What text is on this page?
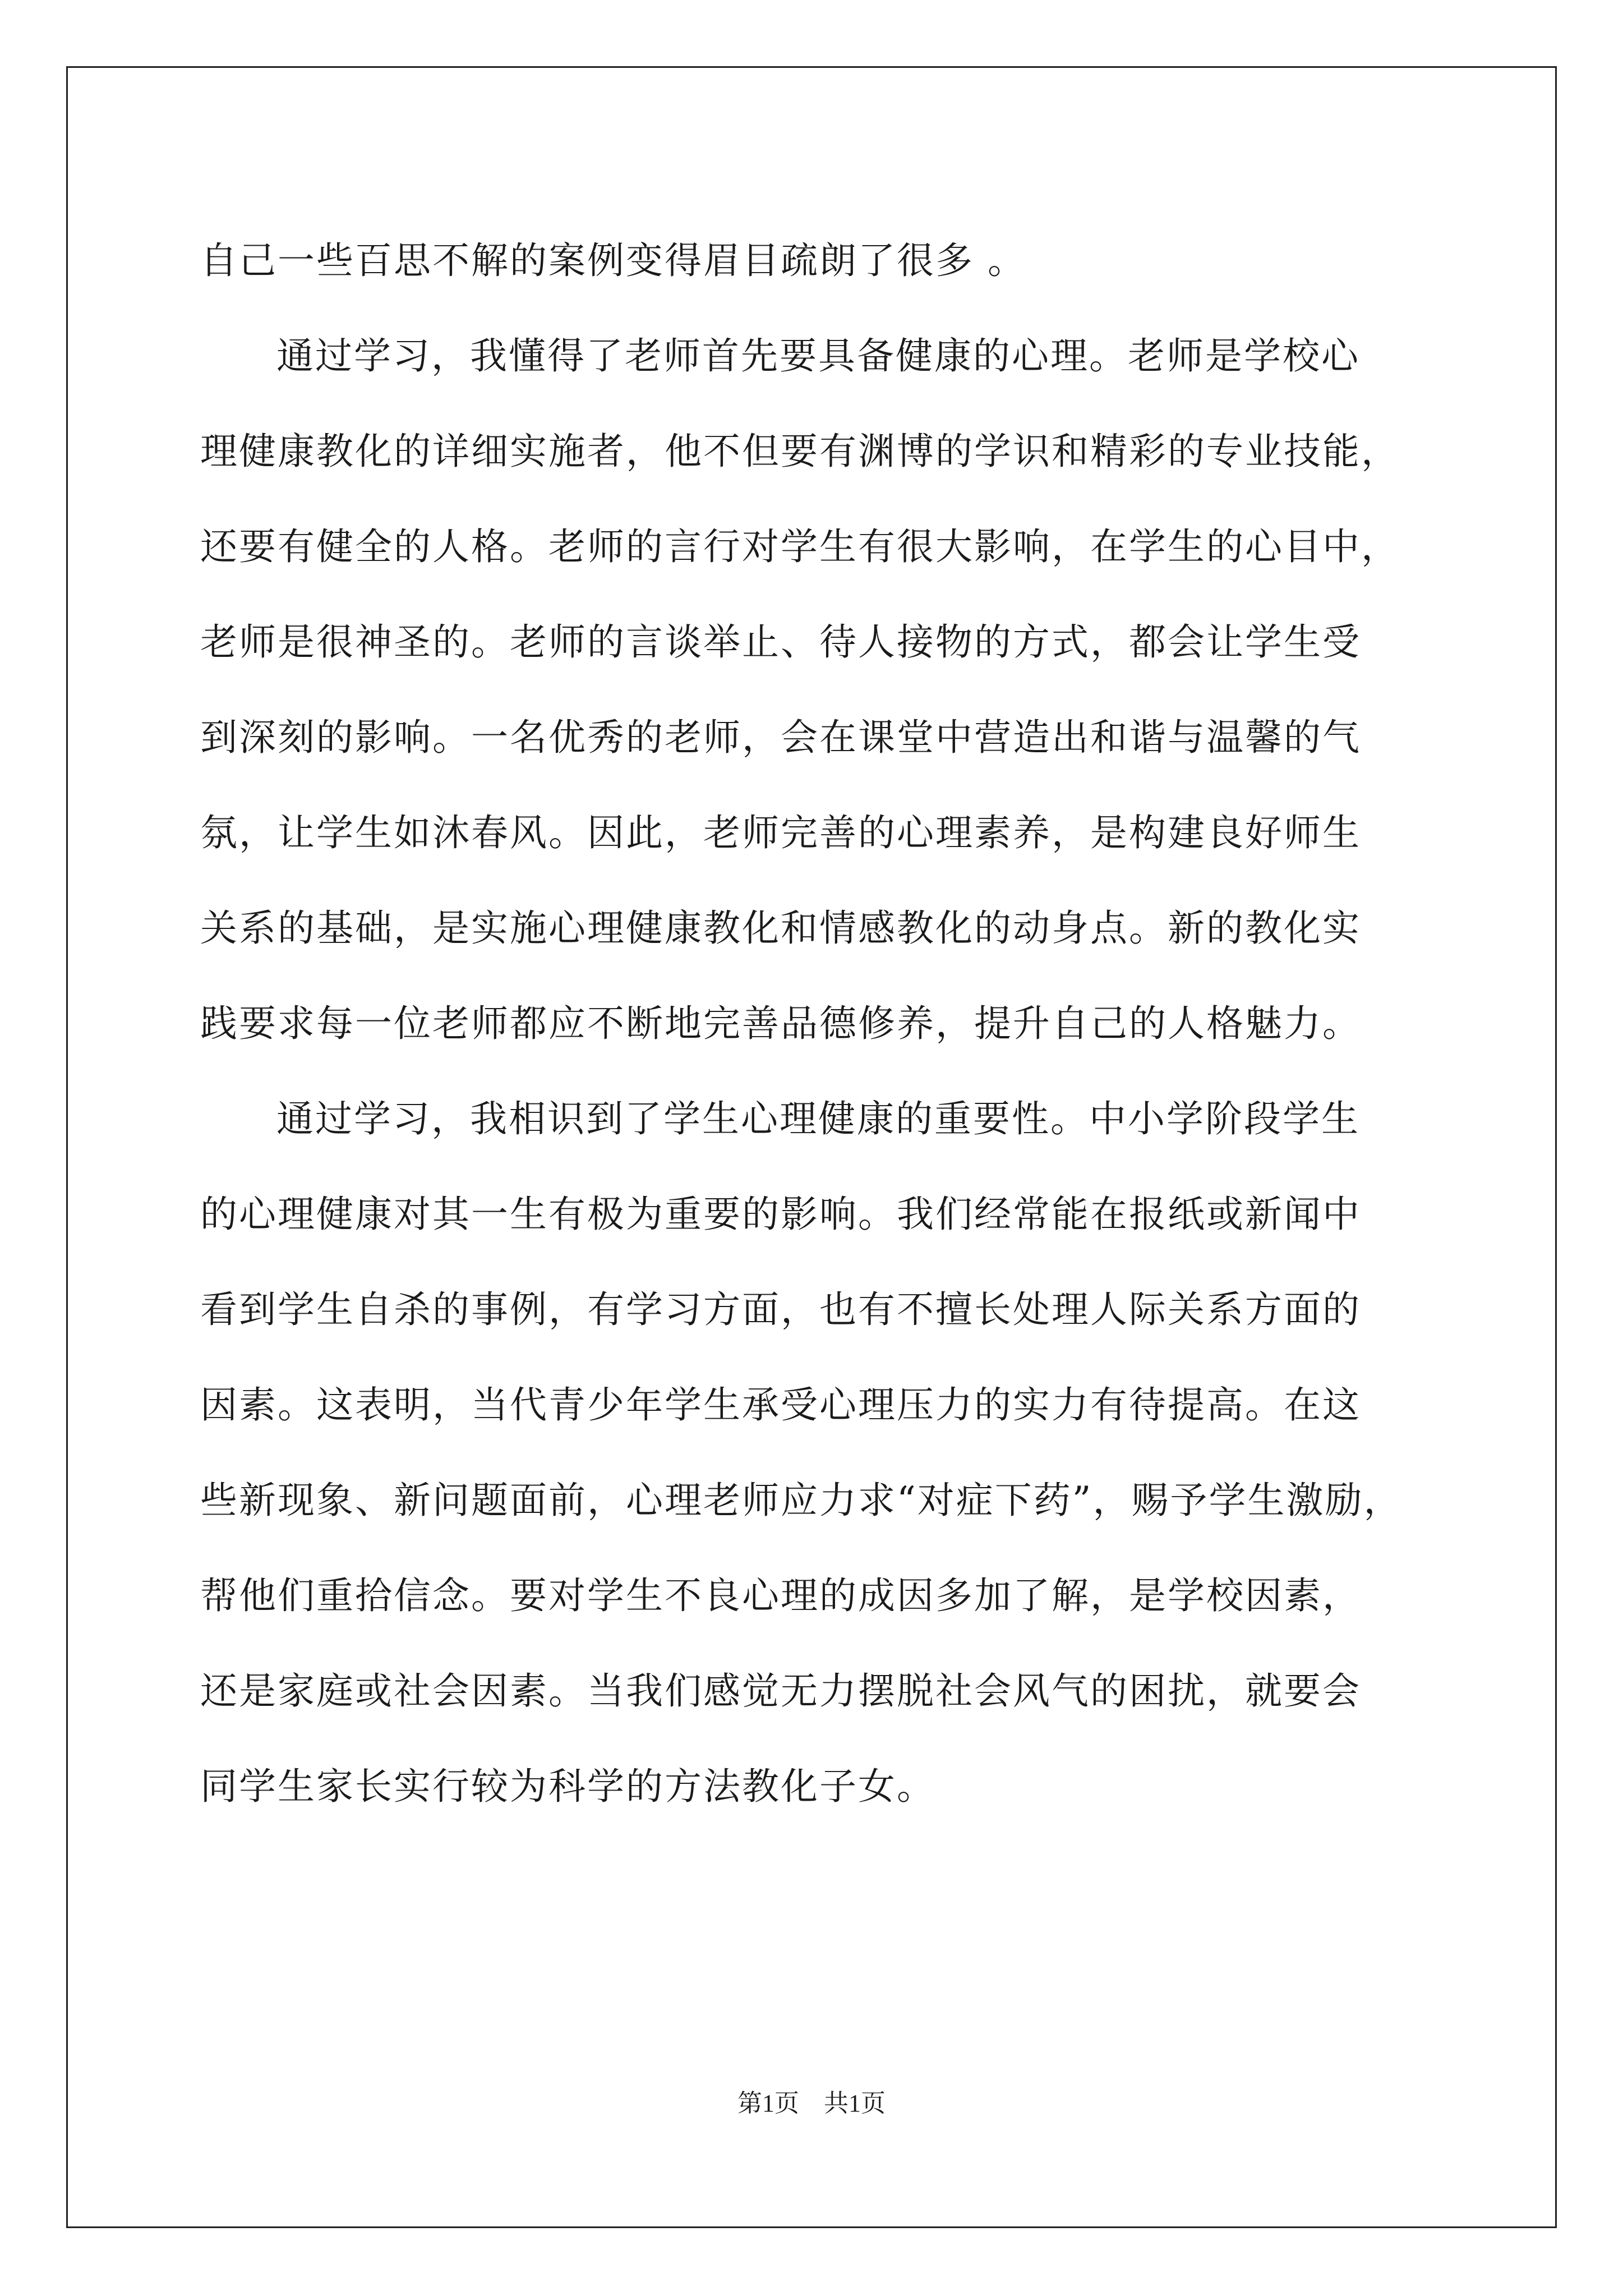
自己一些百思不解的案例变得眉目疏朗了很多 。
通过学习，我懂得了老师首先要具备健康的心理。老师是学校心
理健康教化的详细实施者，他不但要有渊博的学识和精彩的专业技能，
还要有健全的人格。老师的言行对学生有很大影响，在学生的心目中，
老师是很神圣的。老师的言谈举止、待人接物的方式，都会让学生受
到深刻的影响。一名优秀的老师，会在课堂中营造出和谐与温馨的气
氛，让学生如沐春风。因此，老师完善的心理素养，是构建良好师生
关系的基础，是实施心理健康教化和情感教化的动身点。新的教化实
践要求每一位老师都应不断地完善品德修养，提升自己的人格魅力。
通过学习，我相识到了学生心理健康的重要性。中小学阶段学生
的心理健康对其一生有极为重要的影响。我们经常能在报纸或新闻中
看到学生自杀的事例，有学习方面，也有不擅长处理人际关系方面的
因素。这表明，当代青少年学生承受心理压力的实力有待提高。在这
些新现象、新问题面前，心理老师应力求“对症下药”，赐予学生激励，
帮他们重拾信念。要对学生不良心理的成因多加了解，是学校因素，
还是家庭或社会因素。当我们感觉无力摆脱社会风气的困扰，就要会
同学生家长实行较为科学的方法教化子女。
第1页　共1页
